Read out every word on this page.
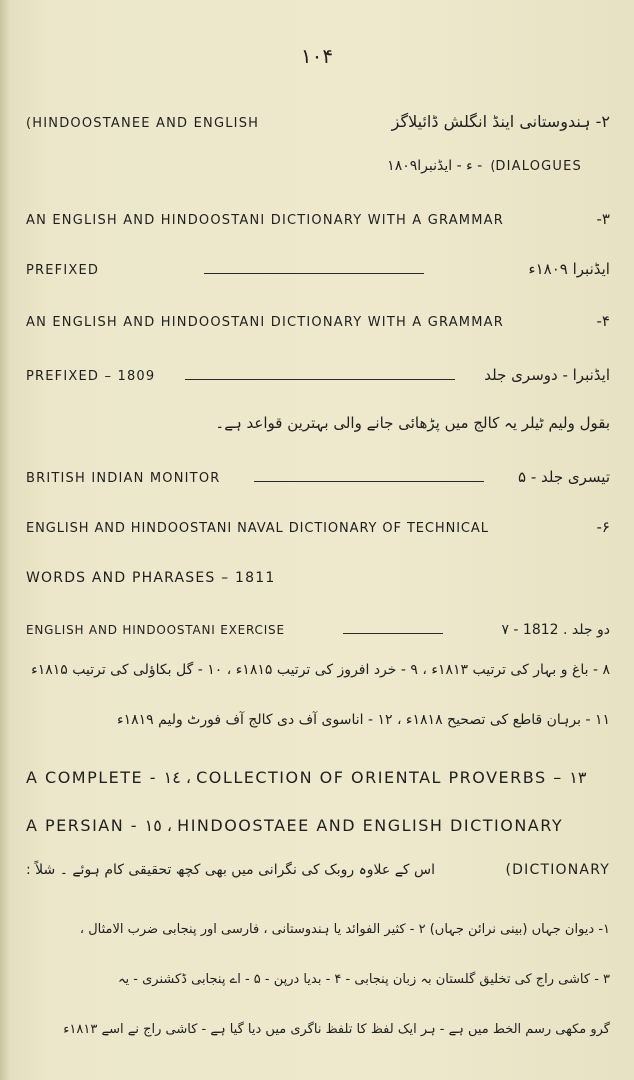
۱۰۴
(HINDOOSTANEE AND ENGLISH	۲- ہندوستانی اینڈ انگلش ڈائیلاگز
۱۸۰۹ء - ایڈنبرا - (DIALOGUES
AN ENGLISH AND HINDOOSTANI DICTIONARY WITH A GRAMMAR	-۳
PREFIXED	ایڈنبرا ۱۸۰۹ء
AN ENGLISH AND HINDOOSTANI DICTIONARY WITH A GRAMMAR	-۴
PREFIXED – 1809	ایڈنبرا - دوسری جلد
بقول ولیم ٹیلر یہ کالج میں پڑھائی جانے والی بہترین قواعد ہے۔
BRITISH INDIAN MONITOR	۵ - تیسری جلد
ENGLISH AND HINDOOSTANI NAVAL DICTIONARY OF TECHNICAL	-۶
WORDS AND PHARASES – 1811
ENGLISH AND HINDOOSTANI EXERCISE	۷ - 1812 . دو جلد
۸ - باغ و بہار کی ترتیب ۱۸۱۳ء ، ۹ - خرد افروز کی ترتیب ۱۸۱۵ء ، ۱۰ - گل بکاؤلی کی ترتیب ۱۸۱۵ء
۱۱ - برہان قاطع کی تصحیح ۱۸۱۸ء ، ۱۲ - اناسوی آف دی کالج آف فورٹ ولیم ۱۸۱۹ء
A COMPLETE - ١٤ ، COLLECTION OF ORIENTAL PROVERBS – ١٣
A PERSIAN - ١٥ ، HINDOOSTAEE AND ENGLISH DICTIONARY
اس کے علاوہ روبک کی نگرانی میں بھی کچھ تحقیقی کام ہوئے ۔ شلاً :	(DICTIONARY
۱- دیوان جہاں (بینی نرائن جہاں) ۲ - کثیر الفوائد یا ہندوستانی ، فارسی اور پنجابی ضرب الامثال ،
۳ - کاشی راج کی تخلیق گلستان بہ زبان پنجابی - ۴ - بدیا درپن - ۵ - اے پنجابی ڈکشنری - یہ
گرو مکھی رسم الخط میں ہے - ہر ایک لفظ کا تلفظ ناگری میں دیا گیا ہے - کاشی راج نے اسے ۱۸۱۳ء
